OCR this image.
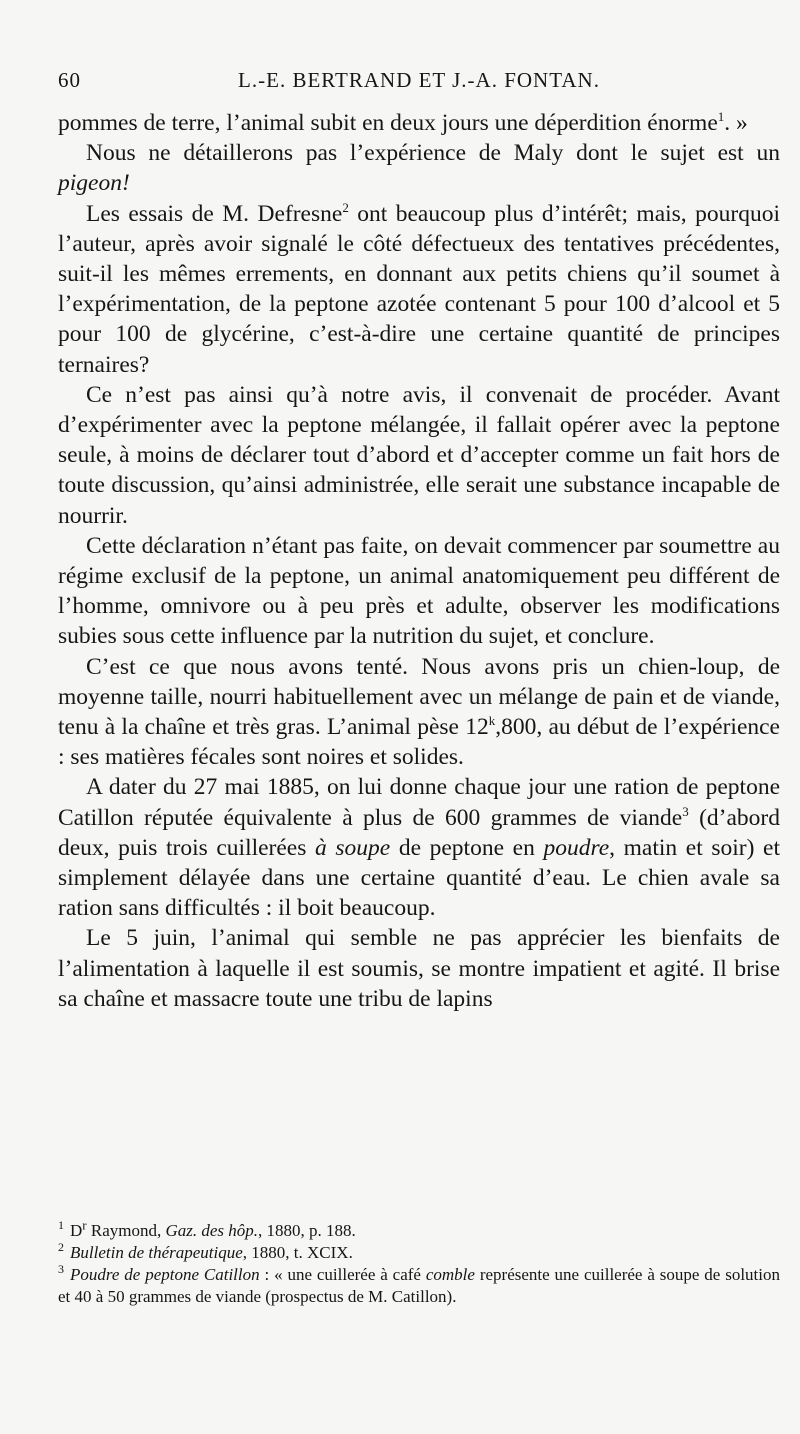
60	L.-E. BERTRAND ET J.-A. FONTAN.

pommes de terre, l’animal subit en deux jours une déperdition énorme$^1$. »

Nous ne détaillerons pas l’expérience de Maly dont le sujet est un pigeon!

Les essais de M. Defresne$^2$ ont beaucoup plus d’intérêt; mais, pourquoi l’auteur, après avoir signalé le côté défectueux des tentatives précédentes, suit-il les mêmes errements, en donnant aux petits chiens qu’il soumet à l’expérimentation, de la peptone azotée contenant 5 pour 100 d’alcool et 5 pour 100 de glycérine, c’est-à-dire une certaine quantité de principes ternaires?

Ce n’est pas ainsi qu’à notre avis, il convenait de procéder. Avant d’expérimenter avec la peptone mélangée, il fallait opérer avec la peptone seule, à moins de déclarer tout d’abord et d’accepter comme un fait hors de toute discussion, qu’ainsi administrée, elle serait une substance incapable de nourrir.

Cette déclaration n’étant pas faite, on devait commencer par soumettre au régime exclusif de la peptone, un animal anatomiquement peu différent de l’homme, omnivore ou à peu près et adulte, observer les modifications subies sous cette influence par la nutrition du sujet, et conclure.

C’est ce que nous avons tenté. Nous avons pris un chien-loup, de moyenne taille, nourri habituellement avec un mélange de pain et de viande, tenu à la chaîne et très gras. L’animal pèse 12$^k$,800, au début de l’expérience : ses matières fécales sont noires et solides.

A dater du 27 mai 1885, on lui donne chaque jour une ration de peptone Catillon réputée équivalente à plus de 600 grammes de viande$^3$ (d’abord deux, puis trois cuillerées à soupe de peptone en poudre, matin et soir) et simplement délayée dans une certaine quantité d’eau. Le chien avale sa ration sans difficultés : il boit beaucoup.

Le 5 juin, l’animal qui semble ne pas apprécier les bienfaits de l’alimentation à laquelle il est soumis, se montre impatient et agité. Il brise sa chaîne et massacre toute une tribu de lapins

$^1$ $D^r$ Raymond, Gaz. des hôp., 1880, p. 188.

$^2$ Bulletin de thérapeutique, 1880, t. XCIX.

$^3$ Poudre de peptone Catillon : « une cuillerée à café comble représente une cuillerée à soupe de solution et 40 à 50 grammes de viande (prospectus de M. Catillon).
